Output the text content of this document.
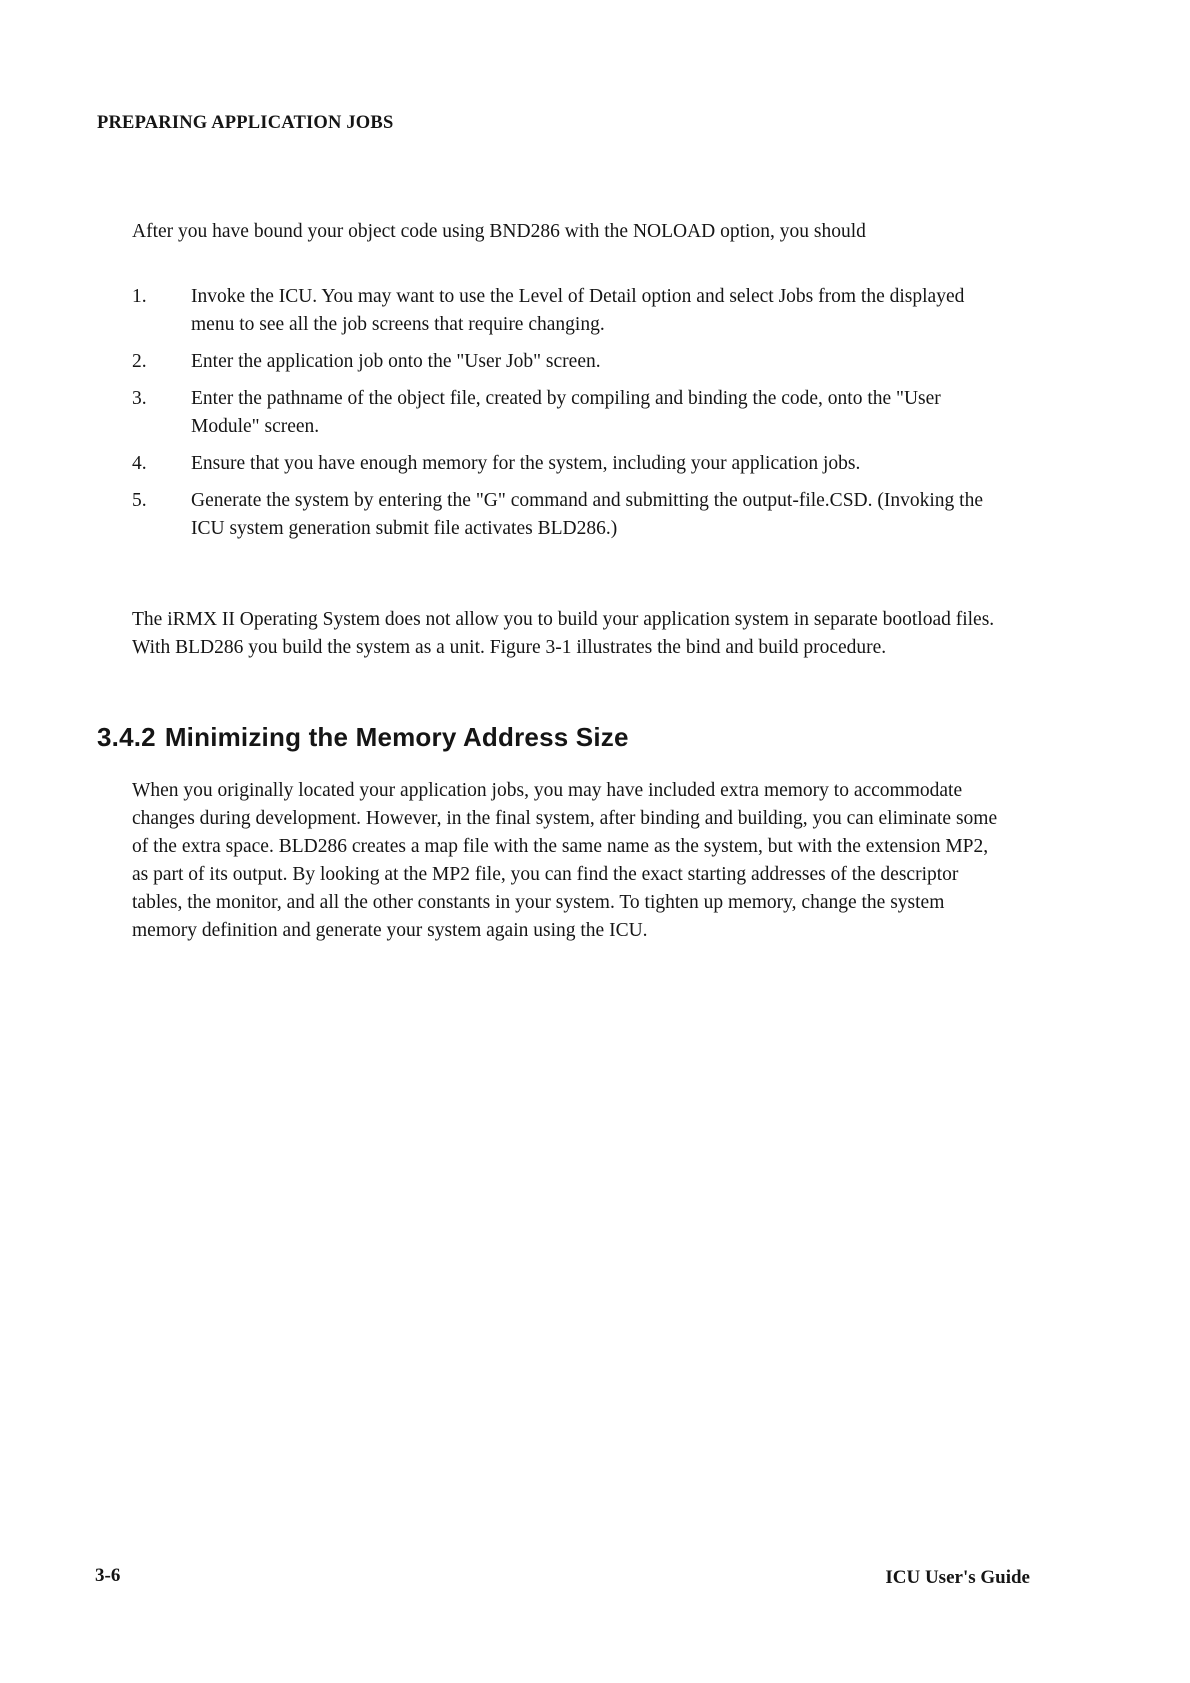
PREPARING APPLICATION JOBS

After you have bound your object code using BND286 with the NOLOAD option, you should

1. Invoke the ICU. You may want to use the Level of Detail option and select Jobs from the displayed menu to see all the job screens that require changing.
2. Enter the application job onto the "User Job" screen.
3. Enter the pathname of the object file, created by compiling and binding the code, onto the "User Module" screen.
4. Ensure that you have enough memory for the system, including your application jobs.
5. Generate the system by entering the "G" command and submitting the output-file.CSD. (Invoking the ICU system generation submit file activates BLD286.)

The iRMX II Operating System does not allow you to build your application system in separate bootload files. With BLD286 you build the system as a unit. Figure 3-1 illustrates the bind and build procedure.

3.4.2 Minimizing the Memory Address Size

When you originally located your application jobs, you may have included extra memory to accommodate changes during development. However, in the final system, after binding and building, you can eliminate some of the extra space. BLD286 creates a map file with the same name as the system, but with the extension MP2, as part of its output. By looking at the MP2 file, you can find the exact starting addresses of the descriptor tables, the monitor, and all the other constants in your system. To tighten up memory, change the system memory definition and generate your system again using the ICU.

3-6	ICU User's Guide
